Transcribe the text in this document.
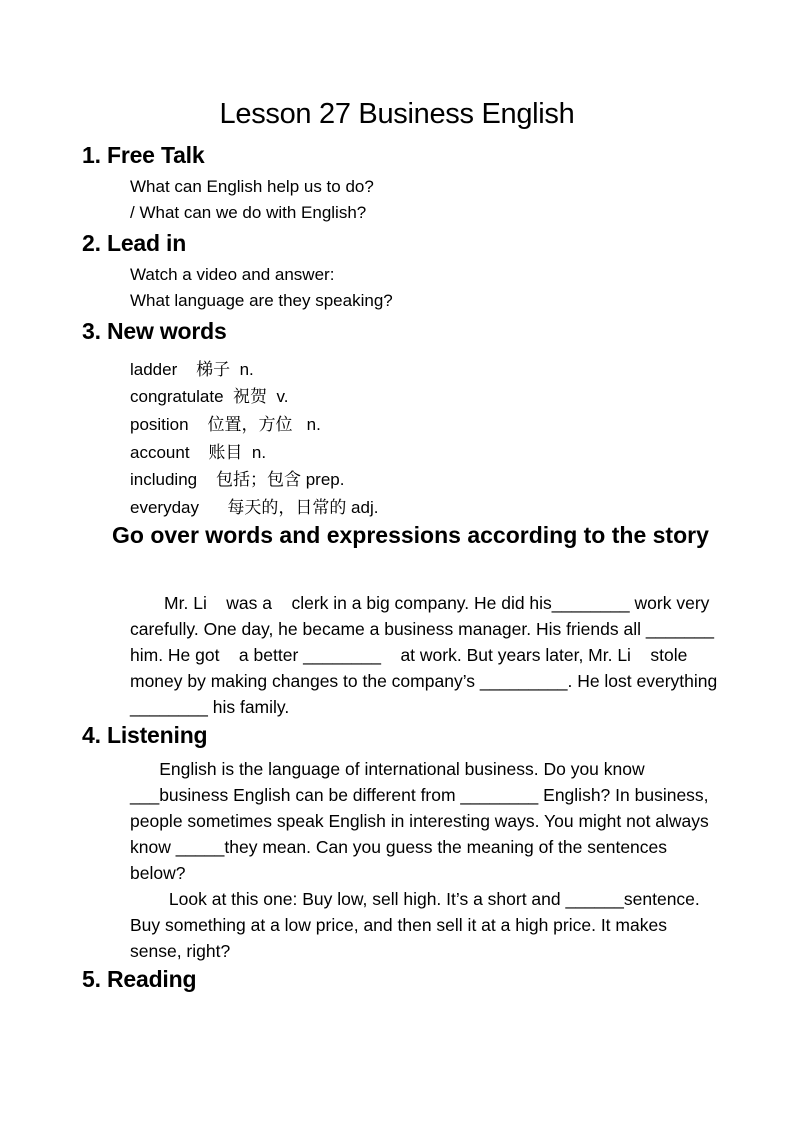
Lesson 27 Business English
1. Free Talk
What can English help us to do?
/ What can we do with English?
2. Lead in
Watch a video and answer:
What language are they speaking?
3. New words
ladder    梯子  n.
congratulate  祝贺  v.
position    位置，方位   n.
account    账目  n.
including    包括；包含 prep.
everyday      每天的，日常的 adj.
Go over words and expressions according to the story
Mr. Li    was a    clerk in a big company. He did his________ work very carefully. One day, he became a business manager. His friends all _______ him. He got    a better ________    at work. But years later, Mr. Li    stole money by making changes to the company’s _________. He lost everything ________ his family.
4. Listening
English is the language of international business. Do you know ___business English can be different from ________ English? In business, people sometimes speak English in interesting ways. You might not always know _____they mean. Can you guess the meaning of the sentences below?
Look at this one: Buy low, sell high. It’s a short and ______sentence. Buy something at a low price, and then sell it at a high price. It makes sense, right?
5. Reading
